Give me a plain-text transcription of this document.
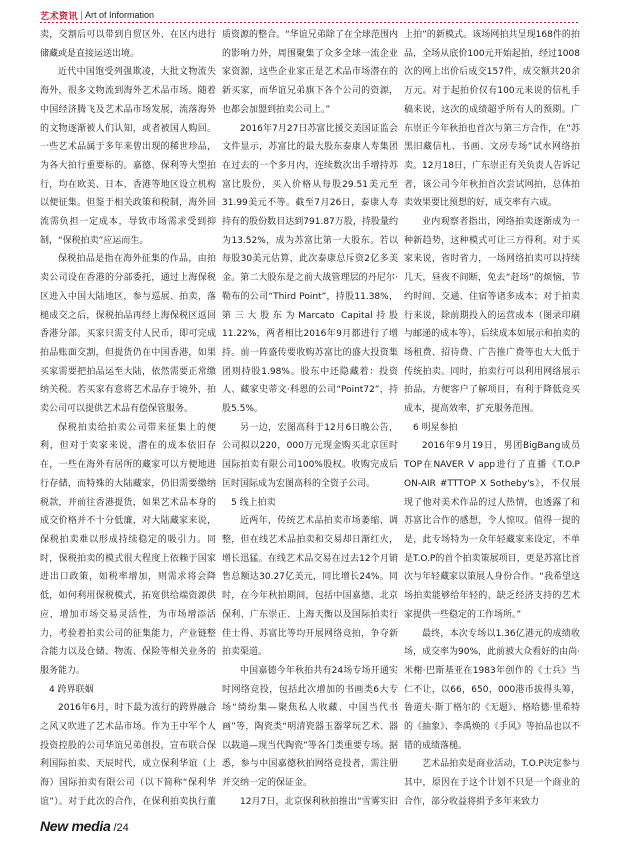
艺术资讯 Art of Information

卖，交割后可以带到自贸区外、在区内进行储藏或是直接运送出境。

近代中国饱受列强欺凌，大批文物流失海外，很多文物流到海外艺术品市场。随着中国经济腾飞及艺术品市场发展，流落海外的文物逐渐被人们认知，或者被国人购回。一些艺术品属于多年来曾出现的稀世珍品，为各大拍行重要标的。嘉德、保利等大型拍行，均在欧美、日本、香港等地区设立机构以便征集。但鉴于相关政策和税制，海外回流需负担一定成本，导致市场需求受到抑制，“保税拍卖”应运而生。

保税拍品是指在海外征集的作品，由拍卖公司设在香港的分部委托，通过上海保税区进入中国大陆地区，参与巡展、拍卖，落槌成交之后，保税拍品再经上海保税区返回香港分部。买家只需支付人民币，即可完成拍品账面交割，但提货仍在中国香港，如果买家需要把拍品运至大陆，依然需要正常缴纳关税。若买家有意将艺术品存于境外，拍卖公司可以提供艺术品有偿保管服务。

保税拍卖给拍卖公司带来征集上的便利，但对于卖家来说，潜在的成本依旧存在，一些在海外有居所的藏家可以方便地进行存储，而特殊的大陆藏家，仍旧需要缴纳税款，并前往香港提货，如果艺术品本身的成交价格并不十分低廉，对大陆藏家来说，保税拍卖难以形成持续稳定的吸引力。同时，保税拍卖的模式很大程度上依赖于国家进出口政策，如税率增加，则需求将会降低，如何利用保税模式，拓宽供给端资源供应，增加市场交易灵活性，为市场增添活力，考验着拍卖公司的征集能力，产业链整合能力以及仓储、物流、保险等相关业务的服务能力。

4 跨界联姻

2016年6月，时下最为流行的跨界融合之风又吹进了艺术品市场。作为王中军个人投资控股的公司华谊兄弟创投，宣布联合保利国际拍卖、天辰时代，成立保利华谊（上海）国际拍卖有限公司（以下简称“保利华谊”）。对于此次的合作，在保利拍卖执行董

质资源的整合。“华谊兄弟除了在全球范围内的影响力外，周围聚集了众多全球一流企业家资源，这些企业家正是艺术品市场潜在的新买家，而华谊兄弟旗下各个公司的资源，也都会加盟到拍卖公司上。”

2016年7月27日苏富比援交美国证监会文件显示，苏富比的最大股东泰康人寿集团在过去的一个多月内，连续数次出手增持苏富比股份，买入价格从每股29.51美元至31.99美元不等。截至7月26日，泰康人寿持有的股份数目达到791.87万股，持股量约为13.52%，成为苏富比第一大股东。若以每股30美元估算，此次泰康总斥资2亿多美金。第二大股东是之前大战管理层的丹尼尔·勒布的公司“Third Point”，持股11.38%，第三大股东为Marcato Capital持股11.22%，两者相比2016年9月都进行了增持。前一阵盛传要收购苏富比的盛大投资集团则持股1.98%。股东中还隐藏着：投资人、藏家史蒂文·科恩的公司“Point72”，持股5.5%。

另一边，宏图高科于12月6日晚公告，公司拟以220，000万元现金购买北京匡时国际拍卖有限公司100%股权。收购完成后匡时国际成为宏图高科的全资子公司。

5 线上拍卖

近两年，传统艺术品拍卖市场萎缩、调整，但在线艺术品拍卖和交易却日渐红火，增长迅猛。在线艺术品交易在过去12个月销售总额达30.27亿美元，同比增长24%。同时，在今年秋拍期间，包括中国嘉德、北京保利、广东崇正、上海天衡以及国际拍卖行佳士得、苏富比等均开展网络竞拍，争夺新拍卖渠道。

中国嘉德今年秋拍共有24场专场开通实时网络竞投，包括此次增加的书画类6大专场“绮纷集—聚焦私人收藏、中国当代书画”等，陶瓷类“明清瓷器玉器掌玩艺术、器以载道—现当代陶瓷”等各门类重要专场。据悉，参与中国嘉德秋拍网络竞投者，需注册并交纳一定的保证金。

12月7日，北京保利秋拍推出“雪雾实旧

上拍”的新模式。该场网拍共呈现168件的拍品，全场从底价100元开始起拍，经过1008次的网上出价后成交157件，成交额共20余万元。对于起拍价仅有100元来说的信札手稿来说，这次的成绩超乎所有人的预期。广东崇正今年秋拍也首次与第三方合作，在“苏黑旧藏信札、书画、文房专场”试水网络拍卖。12月18日，广东崇正有关负责人告诉记者，该公司今年秋拍首次尝试网拍，总体拍卖效果要比预想的好，成交率有六成。

业内观察者指出，网络拍卖逐渐成为一种新趋势，这种模式可让三方得利。对于买家来说，省时省力，一场网络拍卖可以持续几天，昼夜不间断，免去“赶场”的烦恼，节约时间、交通、住宿等诸多成本；对于拍卖行来说，除前期投入的运营成本（图录印刷与邮递的成本等），后续成本如展示和拍卖的场租费、招待费、广告推广费等也大大低于传统拍卖。同时，拍卖行可以利用网络展示拍品，方便客户了解项目，有利于降低竞买成本，提高效率，扩充服务范围。

6 明星参拍

2016年9月19日，男团BigBang成员TOP在NAVER V app进行了直播《T.O.P ON-AIR #TTTOP X Sotheby's》，不仅展现了他对美术作品的过人热情，也透露了和苏富比合作的感想，令人惊叹。值得一提的是，此专场特为一众年轻藏家来设定，不单是T.O.P的首个拍卖策展项目，更是苏富比首次与年轻藏家以策展人身份合作。“我希望这场拍卖能够给年轻的、缺乏经济支持的艺术家提供一些稳定的工作场所。”

最终，本次专场以1.36亿港元的成绩收场，成交率为90%，此前被大众看好的由尚·米榭·巴斯基亚在1983年创作的《士兵》当仁不让，以66，650，000港币拔得头筹，鲁道夫·斯丁格尔的《无题》、格哈德·里希特的《抽象》、李禹焕的《手风》等拍品也以不错的成绩落槌。

艺术品拍卖是商业活动，T.O.P决定参与其中，原因在于这个计划不只是一个商业的合作，部分收益将捐予多年来致力

New media / 24
